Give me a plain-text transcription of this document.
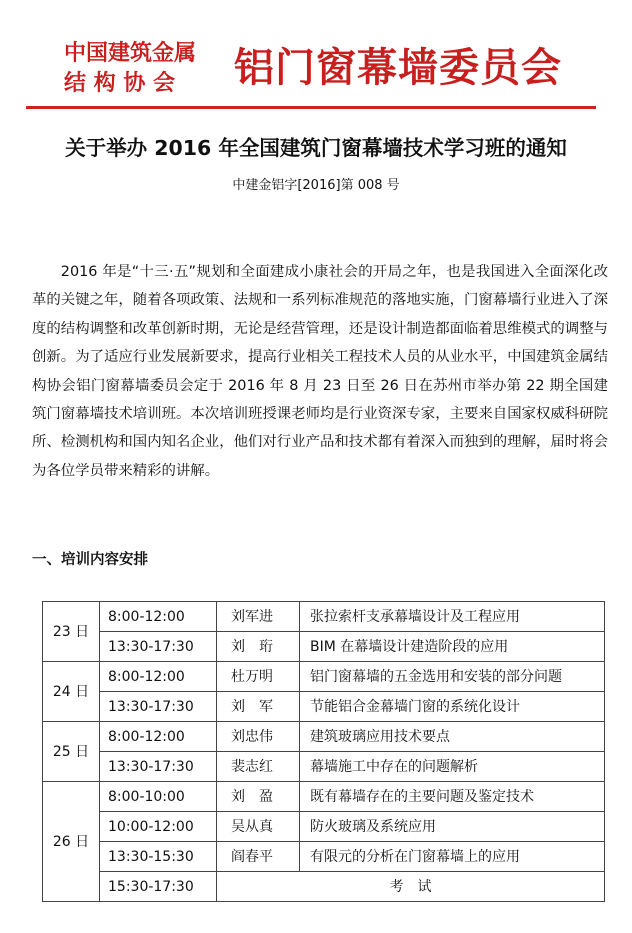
中国建筑金属
结 构 协 会	铝门窗幕墙委员会
关于举办 2016 年全国建筑门窗幕墙技术学习班的通知
中建金铝字[2016]第 008 号
2016 年是“十三·五”规划和全面建成小康社会的开局之年，也是我国进入全面深化改革的关键之年，随着各项政策、法规和一系列标准规范的落地实施，门窗幕墙行业进入了深度的结构调整和改革创新时期，无论是经营管理，还是设计制造都面临着思维模式的调整与创新。为了适应行业发展新要求，提高行业相关工程技术人员的从业水平，中国建筑金属结构协会铝门窗幕墙委员会定于 2016 年 8 月 23 日至 26 日在苏州市举办第 22 期全国建筑门窗幕墙技术培训班。本次培训班授课老师均是行业资深专家，主要来自国家权威科研院所、检测机构和国内知名企业，他们对行业产品和技术都有着深入而独到的理解，届时将会为各位学员带来精彩的讲解。
一、培训内容安排
23 日	8:00-12:00	刘军进	张拉索杆支承幕墙设计及工程应用
	13:30-17:30	刘　珩	BIM 在幕墙设计建造阶段的应用
24 日	8:00-12:00	杜万明	铝门窗幕墙的五金选用和安装的部分问题
	13:30-17:30	刘　军	节能铝合金幕墙门窗的系统化设计
25 日	8:00-12:00	刘忠伟	建筑玻璃应用技术要点
	13:30-17:30	裴志红	幕墙施工中存在的问题解析
26 日	8:00-10:00	刘　盈	既有幕墙存在的主要问题及鉴定技术
	10:00-12:00	吴从真	防火玻璃及系统应用
	13:30-15:30	阎春平	有限元的分析在门窗幕墙上的应用
	15:30-17:30	考　试	
